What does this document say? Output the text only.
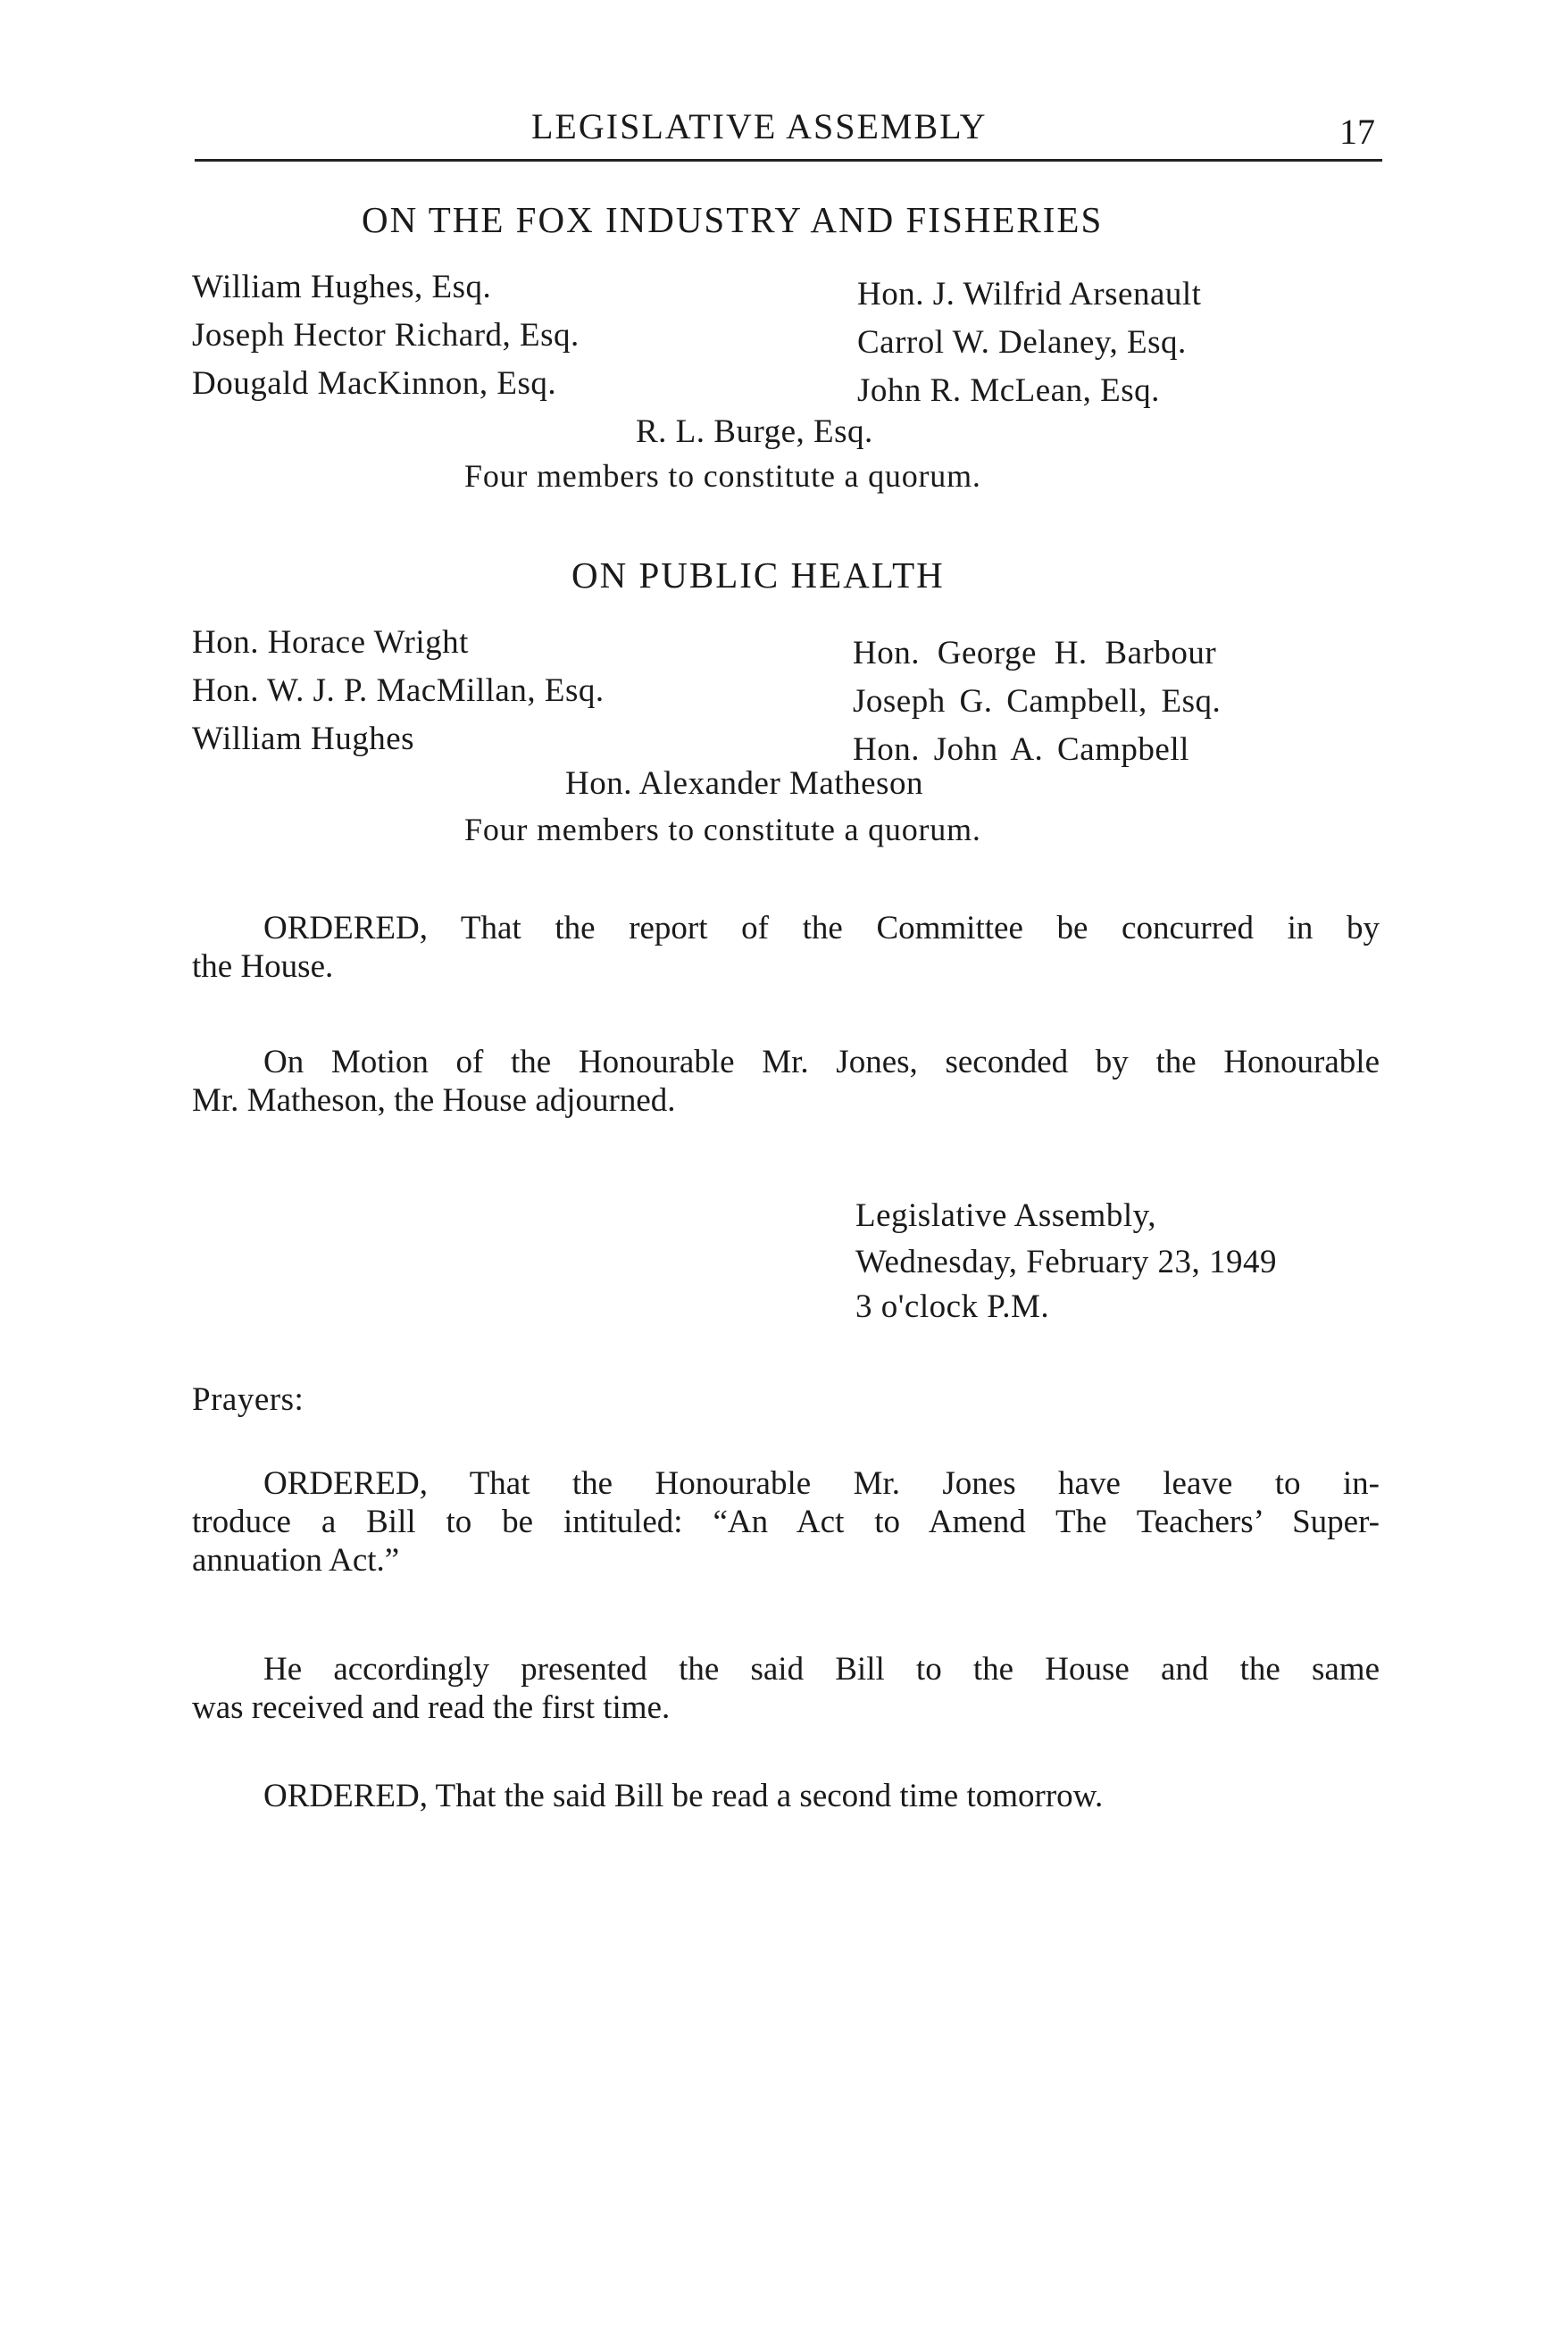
LEGISLATIVE ASSEMBLY	17
ON THE FOX INDUSTRY AND FISHERIES
William Hughes, Esq.
Joseph Hector Richard, Esq.
Dougald MacKinnon, Esq.
Hon. J. Wilfrid Arsenault
Carrol W. Delaney, Esq.
John R. McLean, Esq.
R. L. Burge, Esq.
Four members to constitute a quorum.
ON PUBLIC HEALTH
Hon. Horace Wright
Hon. W. J. P. MacMillan, Esq.
William Hughes
Hon. George H. Barbour
Joseph G. Campbell, Esq.
Hon. John A. Campbell
Hon. Alexander Matheson
Four members to constitute a quorum.
ORDERED, That the report of the Committee be concurred in by
the House.
On Motion of the Honourable Mr. Jones, seconded by the Honourable
Mr. Matheson, the House adjourned.
Legislative Assembly,
Wednesday, February 23, 1949
3 o'clock P.M.
Prayers:
ORDERED, That the Honourable Mr. Jones have leave to in-
troduce a Bill to be intituled: “An Act to Amend The Teachers’ Super-
annuation Act.”
He accordingly presented the said Bill to the House and the same
was received and read the first time.
ORDERED, That the said Bill be read a second time tomorrow.
